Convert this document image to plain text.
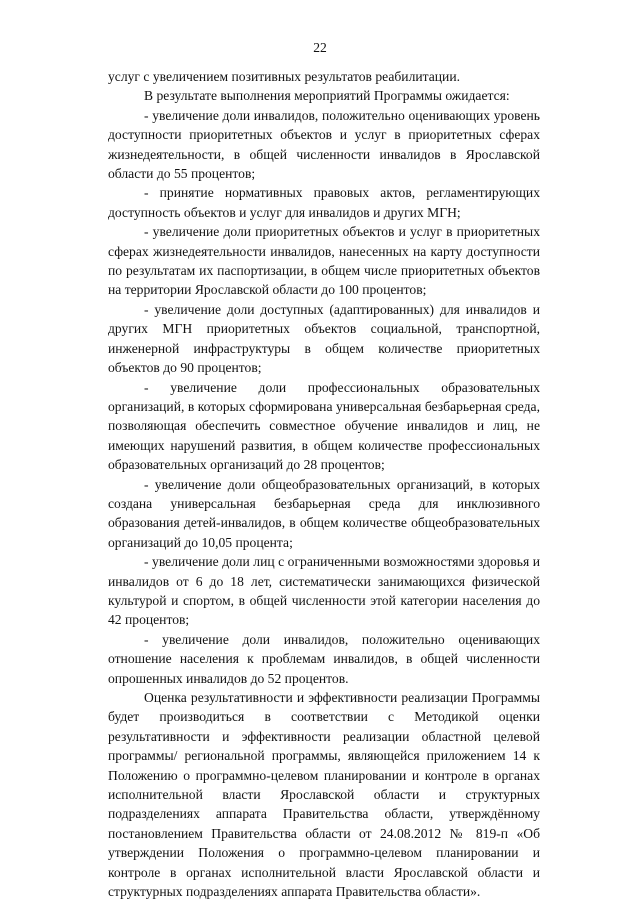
22

услуг с увеличением позитивных результатов реабилитации.

В результате выполнения мероприятий Программы ожидается:

- увеличение доли инвалидов, положительно оценивающих уровень доступности приоритетных объектов и услуг в приоритетных сферах жизнедеятельности, в общей численности инвалидов в Ярославской области до 55 процентов;

- принятие нормативных правовых актов, регламентирующих доступность объектов и услуг для инвалидов и других МГН;

- увеличение доли приоритетных объектов и услуг в приоритетных сферах жизнедеятельности инвалидов, нанесенных на карту доступности по результатам их паспортизации, в общем числе приоритетных объектов на территории Ярославской области до 100 процентов;

- увеличение доли доступных (адаптированных) для инвалидов и других МГН приоритетных объектов социальной, транспортной, инженерной инфраструктуры в общем количестве приоритетных объектов до 90 процентов;

- увеличение доли профессиональных образовательных организаций, в которых сформирована универсальная безбарьерная среда, позволяющая обеспечить совместное обучение инвалидов и лиц, не имеющих нарушений развития, в общем количестве профессиональных образовательных организаций до 28 процентов;

- увеличение доли общеобразовательных организаций, в которых создана универсальная безбарьерная среда для инклюзивного образования детей-инвалидов, в общем количестве общеобразовательных организаций до 10,05 процента;

- увеличение доли лиц с ограниченными возможностями здоровья и инвалидов от 6 до 18 лет, систематически занимающихся физической культурой и спортом, в общей численности этой категории населения до 42 процентов;

- увеличение доли инвалидов, положительно оценивающих отношение населения к проблемам инвалидов, в общей численности опрошенных инвалидов до 52 процентов.

Оценка результативности и эффективности реализации Программы будет производиться в соответствии с Методикой оценки результативности и эффективности реализации областной целевой программы/ региональной программы, являющейся приложением 14 к Положению о программно-целевом планировании и контроле в органах исполнительной власти Ярославской области и структурных подразделениях аппарата Правительства области, утверждённому постановлением Правительства области от 24.08.2012 № 819-п «Об утверждении Положения о программно-целевом планировании и контроле в органах исполнительной власти Ярославской области и структурных подразделениях аппарата Правительства области».
